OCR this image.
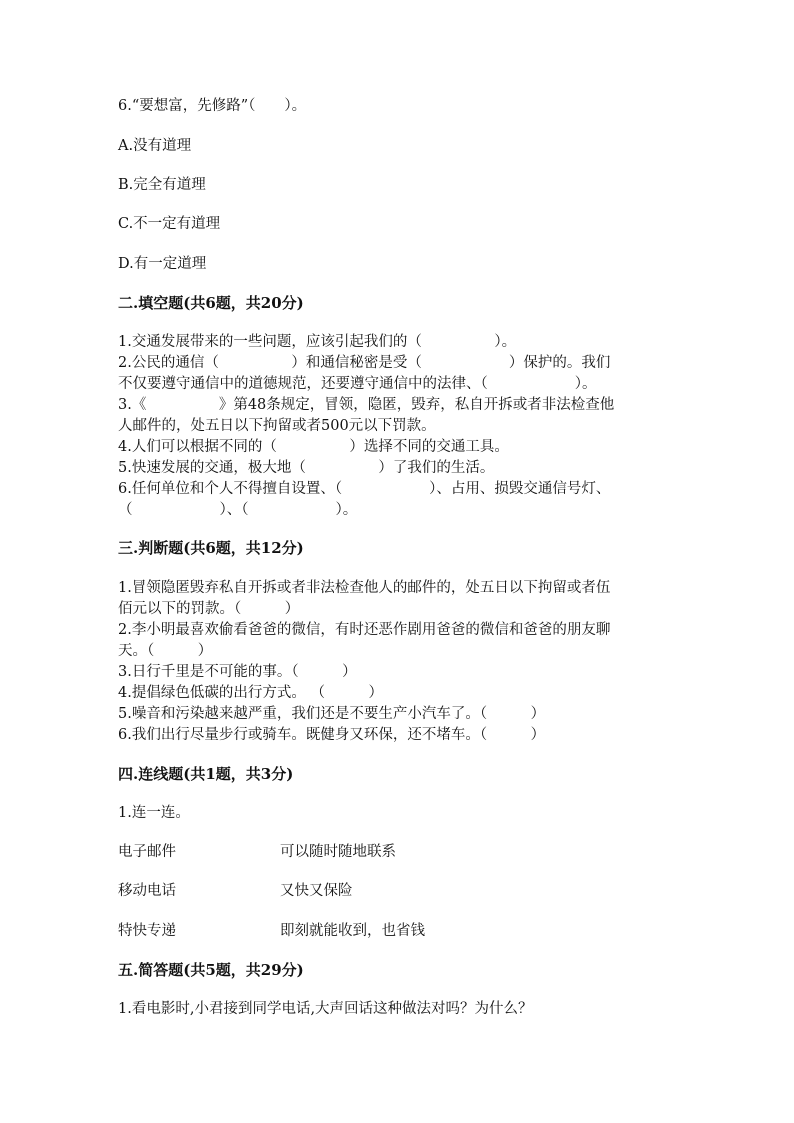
6.“要想富，先修路”（　　）。
A.没有道理
B.完全有道理
C.不一定有道理
D.有一定道理
二.填空题(共6题，共20分)
1.交通发展带来的一些问题，应该引起我们的（　　　　　）。
2.公民的通信（　　　　　）和通信秘密是受（　　　　　　）保护的。我们
不仅要遵守通信中的道德规范，还要遵守通信中的法律、（　　　　　　）。
3.《　　　　　》第48条规定，冒领，隐匿，毁弃，私自开拆或者非法检查他
人邮件的，处五日以下拘留或者500元以下罚款。
4.人们可以根据不同的（　　　　　）选择不同的交通工具。
5.快速发展的交通，极大地（　　　　　）了我们的生活。
6.任何单位和个人不得擅自设置、（　　　　　　）、占用、损毁交通信号灯、
（　　　　　　）、（　　　　　　）。
三.判断题(共6题，共12分)
1.冒领隐匿毁弃私自开拆或者非法检查他人的邮件的，处五日以下拘留或者伍
佰元以下的罚款。（　　　）
2.李小明最喜欢偷看爸爸的微信，有时还恶作剧用爸爸的微信和爸爸的朋友聊
天。（　　　）
3.日行千里是不可能的事。（　　　）
4.提倡绿色低碳的出行方式。 （　　　）
5.噪音和污染越来越严重，我们还是不要生产小汽车了。（　　　）
6.我们出行尽量步行或骑车。既健身又环保，还不堵车。（　　　）
四.连线题(共1题，共3分)
1.连一连。
电子邮件	可以随时随地联系
移动电话	又快又保险
特快专递	即刻就能收到，也省钱
五.简答题(共5题，共29分)
1.看电影时,小君接到同学电话,大声回话这种做法对吗？为什么？
